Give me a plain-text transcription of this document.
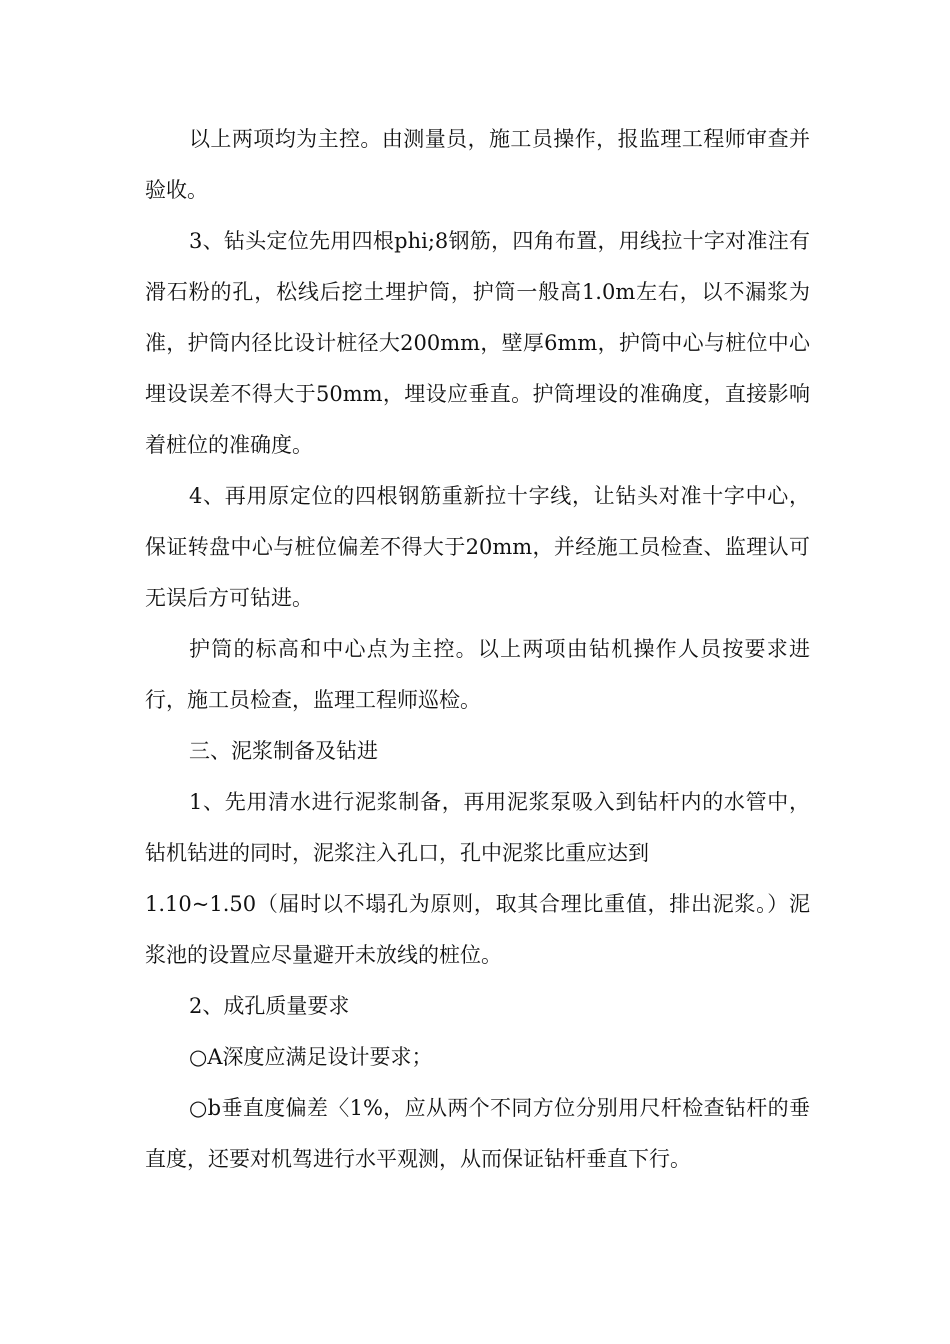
以上两项均为主控。由测量员，施工员操作，报监理工程师审查并验收。

3、钻头定位先用四根phi;8钢筋，四角布置，用线拉十字对准注有滑石粉的孔，松线后挖土埋护筒，护筒一般高1.0m左右，以不漏浆为准，护筒内径比设计桩径大200mm，壁厚6mm，护筒中心与桩位中心埋设误差不得大于50mm，埋设应垂直。护筒埋设的准确度，直接影响着桩位的准确度。

4、再用原定位的四根钢筋重新拉十字线，让钻头对准十字中心，保证转盘中心与桩位偏差不得大于20mm，并经施工员检查、监理认可无误后方可钻进。

护筒的标高和中心点为主控。以上两项由钻机操作人员按要求进行，施工员检查，监理工程师巡检。

三、泥浆制备及钻进

1、先用清水进行泥浆制备，再用泥浆泵吸入到钻杆内的水管中，钻机钻进的同时，泥浆注入孔口，孔中泥浆比重应达到

1.10~1.50（届时以不塌孔为原则，取其合理比重值，排出泥浆。）泥浆池的设置应尽量避开未放线的桩位。

2、成孔质量要求

○A深度应满足设计要求；

○b垂直度偏差〈1%，应从两个不同方位分别用尺杆检查钻杆的垂直度，还要对机驾进行水平观测，从而保证钻杆垂直下行。
